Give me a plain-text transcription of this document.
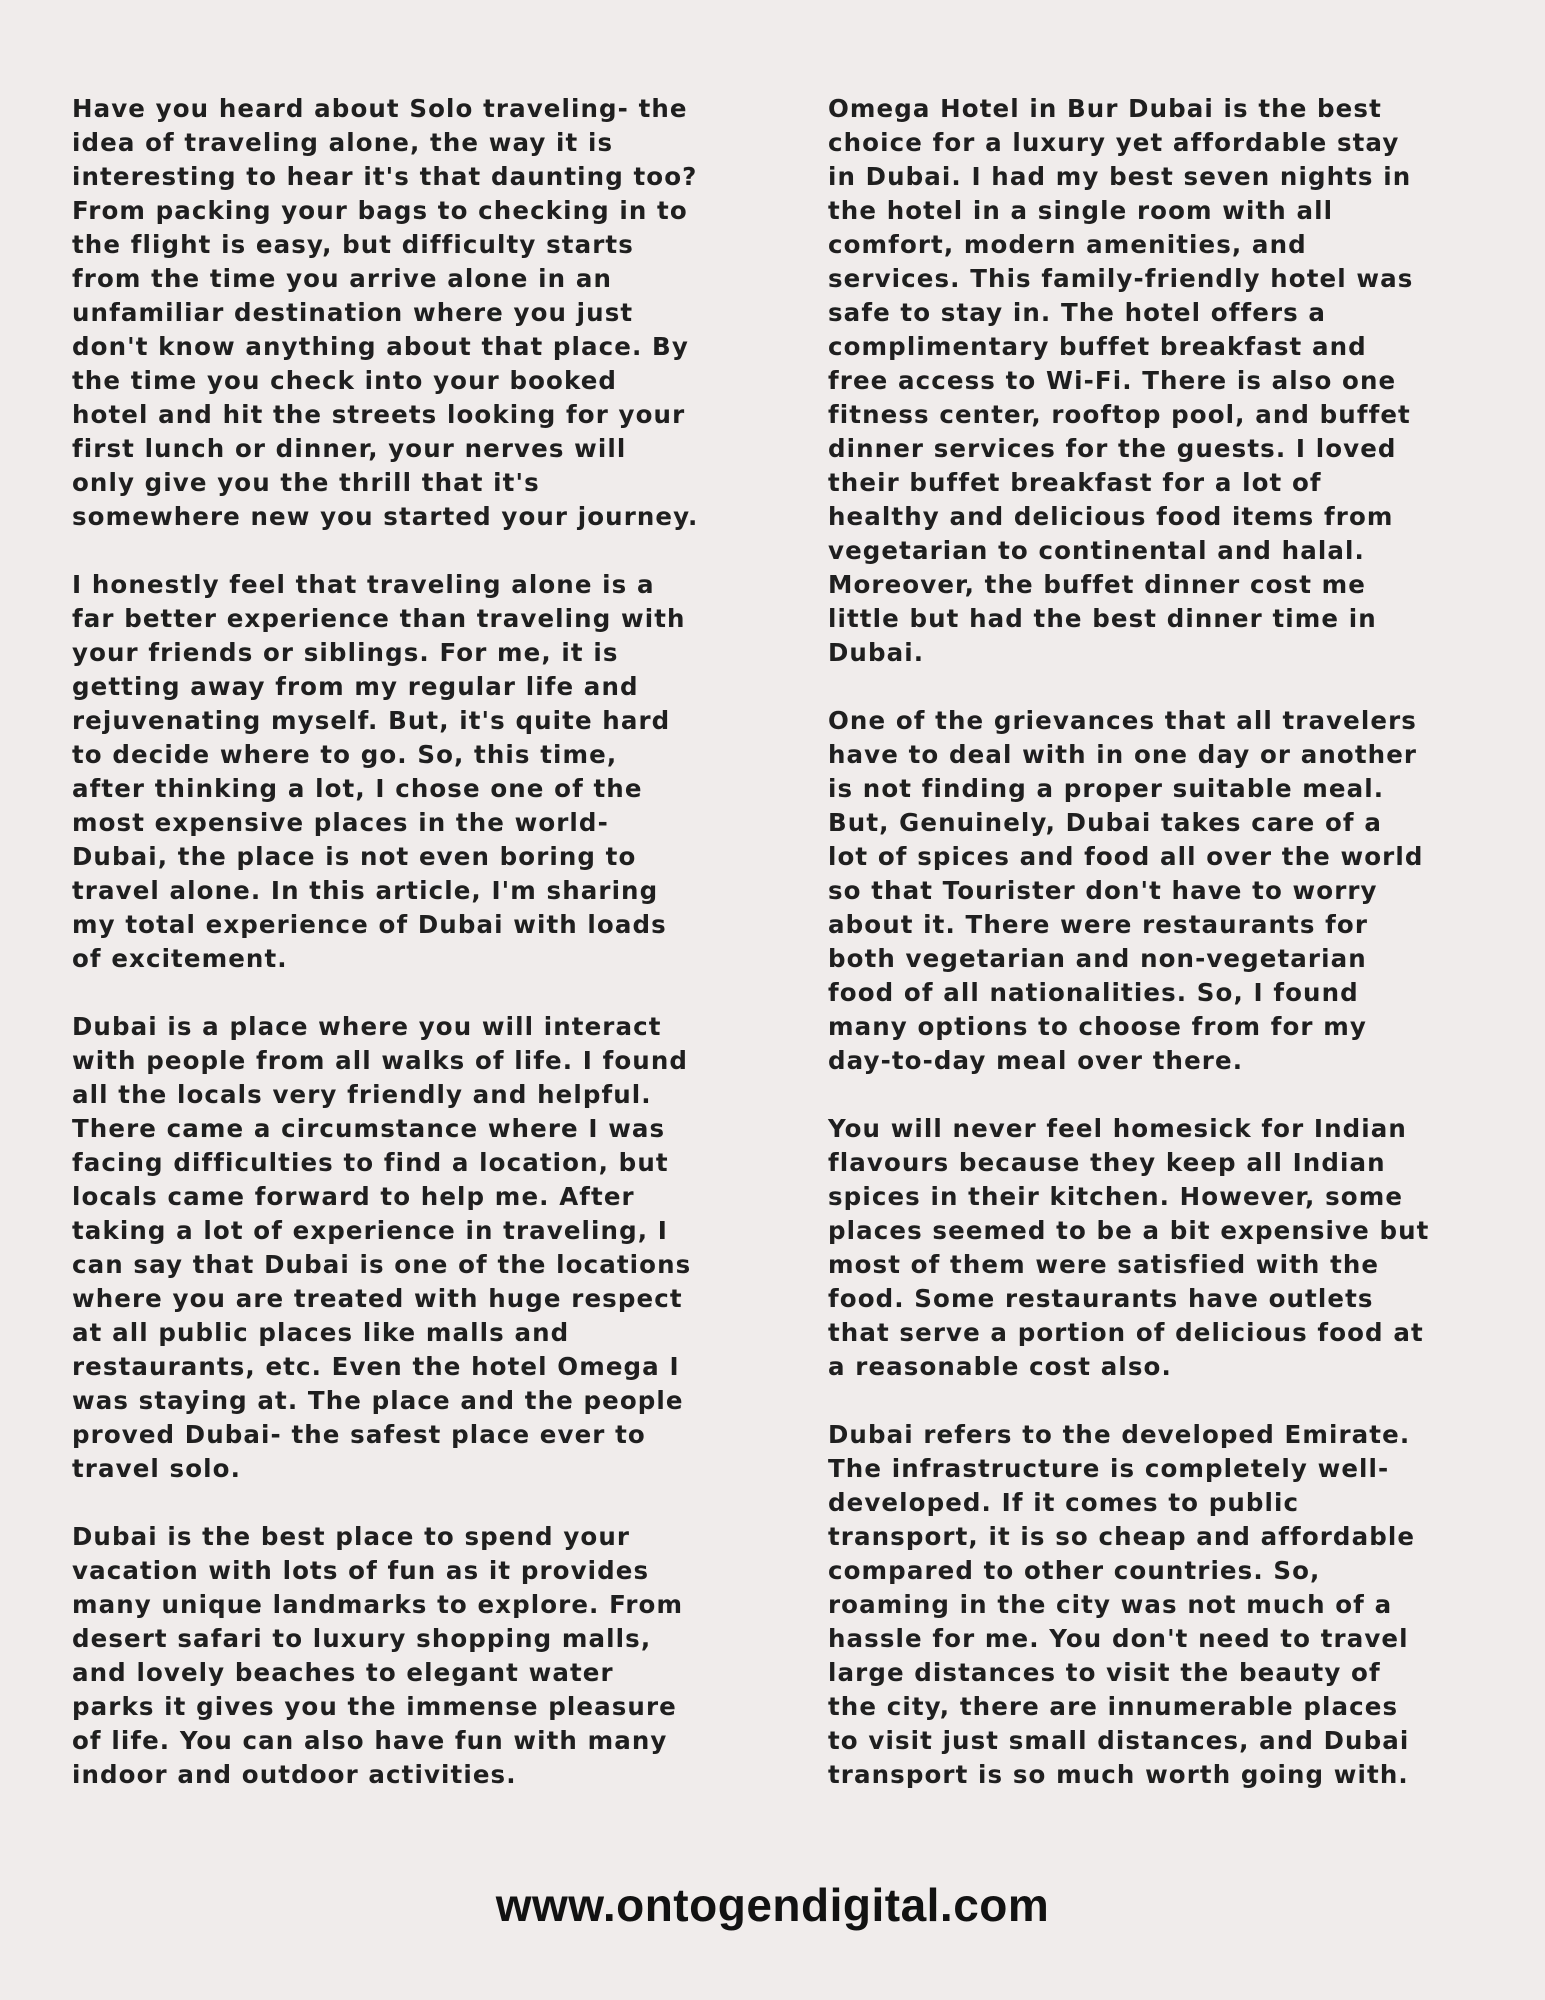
Have you heard about Solo traveling- the
idea of traveling alone, the way it is
interesting to hear it's that daunting too?
From packing your bags to checking in to
the flight is easy, but difficulty starts
from the time you arrive alone in an
unfamiliar destination where you just
don't know anything about that place. By
the time you check into your booked
hotel and hit the streets looking for your
first lunch or dinner, your nerves will
only give you the thrill that it's
somewhere new you started your journey.

I honestly feel that traveling alone is a
far better experience than traveling with
your friends or siblings. For me, it is
getting away from my regular life and
rejuvenating myself. But, it's quite hard
to decide where to go. So, this time,
after thinking a lot, I chose one of the
most expensive places in the world-
Dubai, the place is not even boring to
travel alone. In this article, I'm sharing
my total experience of Dubai with loads
of excitement.

Dubai is a place where you will interact
with people from all walks of life. I found
all the locals very friendly and helpful.
There came a circumstance where I was
facing difficulties to find a location, but
locals came forward to help me. After
taking a lot of experience in traveling, I
can say that Dubai is one of the locations
where you are treated with huge respect
at all public places like malls and
restaurants, etc. Even the hotel Omega I
was staying at. The place and the people
proved Dubai- the safest place ever to
travel solo.

Dubai is the best place to spend your
vacation with lots of fun as it provides
many unique landmarks to explore. From
desert safari to luxury shopping malls,
and lovely beaches to elegant water
parks it gives you the immense pleasure
of life. You can also have fun with many
indoor and outdoor activities.

Omega Hotel in Bur Dubai is the best
choice for a luxury yet affordable stay
in Dubai. I had my best seven nights in
the hotel in a single room with all
comfort, modern amenities, and
services. This family-friendly hotel was
safe to stay in. The hotel offers a
complimentary buffet breakfast and
free access to Wi-Fi. There is also one
fitness center, rooftop pool, and buffet
dinner services for the guests. I loved
their buffet breakfast for a lot of
healthy and delicious food items from
vegetarian to continental and halal.
Moreover, the buffet dinner cost me
little but had the best dinner time in
Dubai.

One of the grievances that all travelers
have to deal with in one day or another
is not finding a proper suitable meal.
But, Genuinely, Dubai takes care of a
lot of spices and food all over the world
so that Tourister don't have to worry
about it. There were restaurants for
both vegetarian and non-vegetarian
food of all nationalities. So, I found
many options to choose from for my
day-to-day meal over there.

You will never feel homesick for Indian
flavours because they keep all Indian
spices in their kitchen. However, some
places seemed to be a bit expensive but
most of them were satisfied with the
food. Some restaurants have outlets
that serve a portion of delicious food at
a reasonable cost also.

Dubai refers to the developed Emirate.
The infrastructure is completely well-
developed. If it comes to public
transport, it is so cheap and affordable
compared to other countries. So,
roaming in the city was not much of a
hassle for me. You don't need to travel
large distances to visit the beauty of
the city, there are innumerable places
to visit just small distances, and Dubai
transport is so much worth going with.

www.ontogendigital.com
